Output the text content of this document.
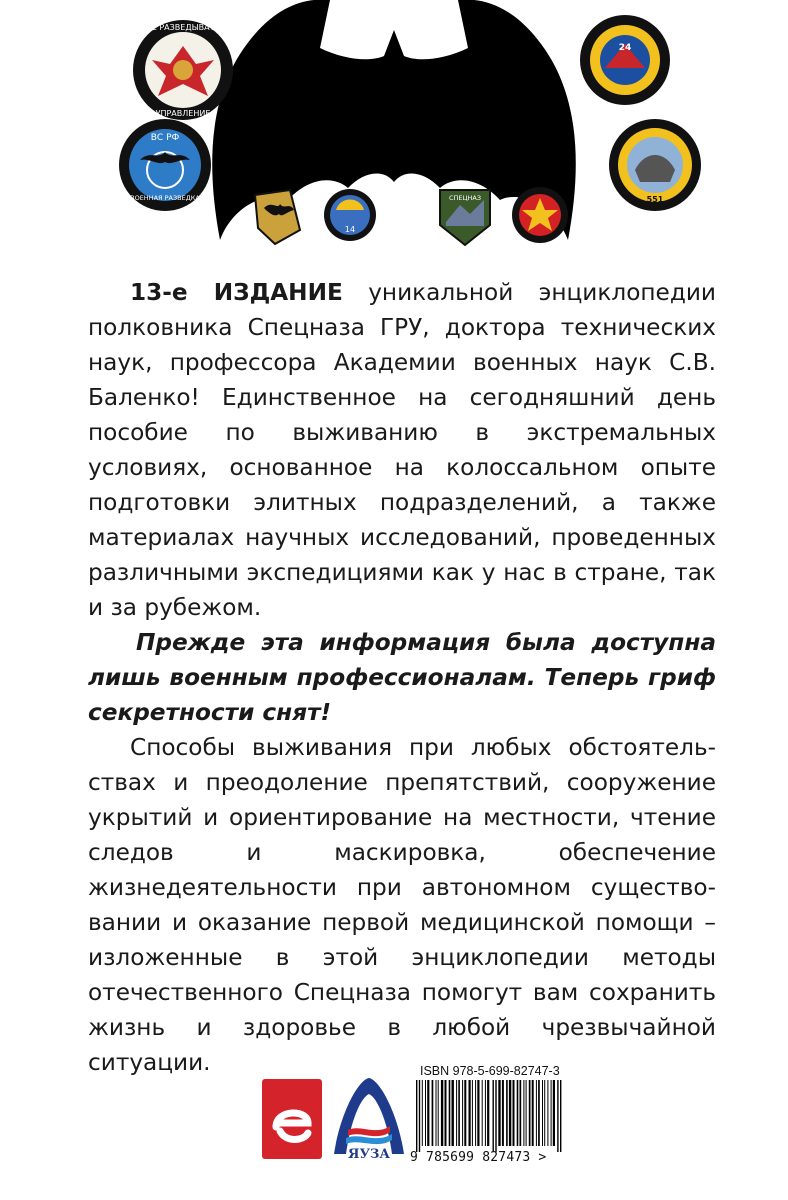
ГЛАВНОЕ РАЗВЕДЫВАТЕЛЬНОЕ
УПРАВЛЕНИЕ
24
ВС РФ
ВОЕННАЯ РАЗВЕДКА	551
14
СПЕЦНАЗ

13-е ИЗДАНИЕ уникальной энциклопедии полковника Спецназа ГРУ, доктора технических наук, профессора Академии военных наук С.В. Баленко! Единственное на сегодняшний день пособие по выживанию в экстремальных условиях, основанное на колоссальном опыте подготовки элитных подразделений, а также материалах научных исследований, проведенных различными экспедициями как у нас в стране, так и за рубежом.

Прежде эта информация была доступна лишь военным профессионалам. Теперь гриф секретности снят!

Способы выживания при любых обстоятельствах и преодоление препятствий, сооружение укрытий и ориентирование на местности, чтение следов и маскировка, обеспечение жизнедеятельности при автономном существовании и оказание первой медицинской помощи – изложенные в этой энциклопедии методы отечественного Спецназа помогут вам сохранить жизнь и здоровье в любой чрезвычайной ситуации.

ЯУЗА
ISBN 978-5-699-82747-3
9 785699 827473 >
